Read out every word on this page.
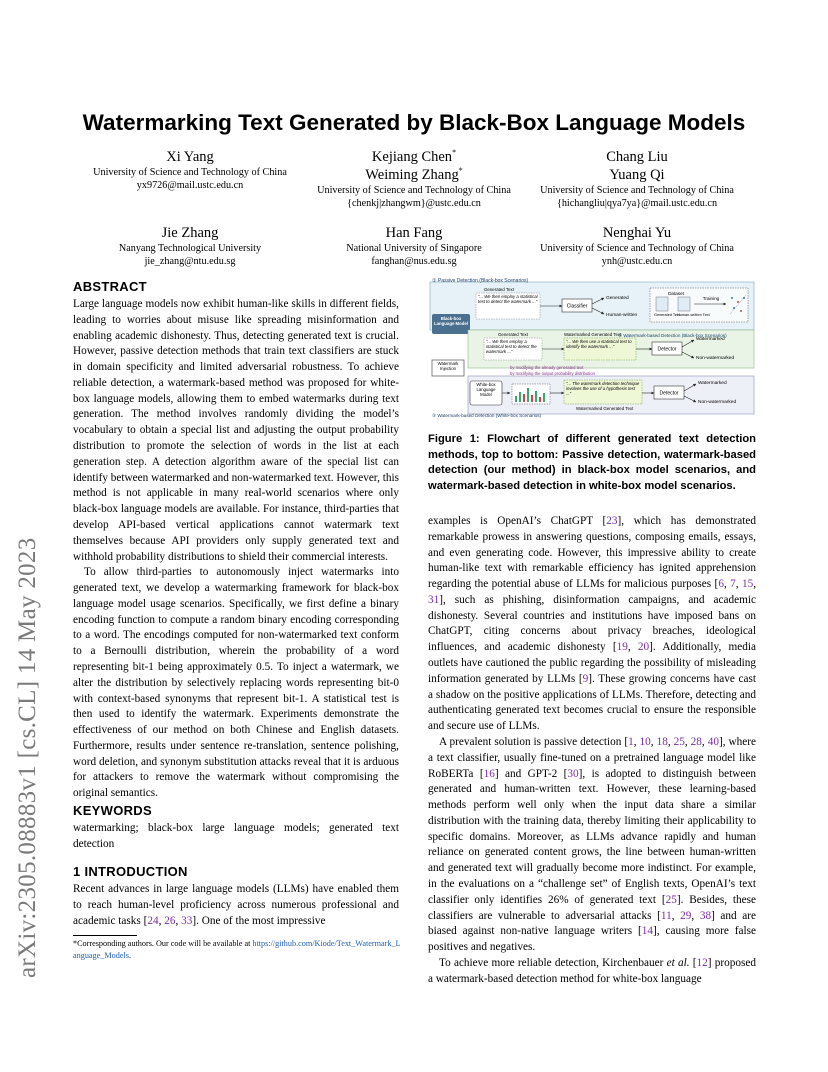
arXiv:2305.08883v1 [cs.CL] 14 May 2023
Watermarking Text Generated by Black-Box Language Models
Xi Yang
University of Science and Technology of China
yx9726@mail.ustc.edu.cn
Kejiang Chen*
Weiming Zhang*
University of Science and Technology of China
{chenkj|zhangwm}@ustc.edu.cn
Chang Liu
Yuang Qi
University of Science and Technology of China
{hichangliu|qya7ya}@mail.ustc.edu.cn
Jie Zhang
Nanyang Technological University
jie_zhang@ntu.edu.sg
Han Fang
National University of Singapore
fanghan@nus.edu.sg
Nenghai Yu
University of Science and Technology of China
ynh@ustc.edu.cn
ABSTRACT

Large language models now exhibit human-like skills in different fields, leading to worries about misuse like spreading misinformation and enabling academic dishonesty. Thus, detecting generated text is crucial. However, passive detection methods that train text classifiers are stuck in domain specificity and limited adversarial robustness. To achieve reliable detection, a watermark-based method was proposed for white-box language models, allowing them to embed watermarks during text generation. The method involves randomly dividing the model’s vocabulary to obtain a special list and adjusting the output probability distribution to promote the selection of words in the list at each generation step. A detection algorithm aware of the special list can identify between watermarked and non-watermarked text. However, this method is not applicable in many real-world scenarios where only black-box language models are available. For instance, third-parties that develop API-based vertical applications cannot watermark text themselves because API providers only supply generated text and withhold probability distributions to shield their commercial interests.

To allow third-parties to autonomously inject watermarks into generated text, we develop a watermarking framework for black-box language model usage scenarios. Specifically, we first define a binary encoding function to compute a random binary encoding corresponding to a word. The encodings computed for non-watermarked text conform to a Bernoulli distribution, wherein the probability of a word representing bit-1 being approximately 0.5. To inject a watermark, we alter the distribution by selectively replacing words representing bit-0 with context-based synonyms that represent bit-1. A statistical test is then used to identify the watermark. Experiments demonstrate the effectiveness of our method on both Chinese and English datasets. Furthermore, results under sentence re-translation, sentence polishing, word deletion, and synonym substitution attacks reveal that it is arduous for attackers to remove the watermark without compromising the original semantics.

KEYWORDS
watermarking; black-box large language models; generated text detection
1 INTRODUCTION
Recent advances in large language models (LLMs) have enabled them to reach human-level proficiency across numerous professional and academic tasks [24, 26, 33]. One of the most impressive
*Corresponding authors. Our code will be available at https://github.com/Kiode/Text_Watermark_Language_Models.
① Passive Detection (Black-box Scenarios)
Generated Text
“... We then employ a statistical test to detect the watermark ...”
Classifier
Generated
Human-written
Dataset
Training
Generated Text
Human-written Text
Black-box Language Model
Generated Text
“... We then employ a statistical test to detect the watermark ...”
Watermarked Generated Text
“... We then use a statistical test to identify the watermark ...”	Detector
Watermarked
Non-watermarked
② Watermark-based Detection (Black-box Scenarios)
Watermark Injection	by modifying the already generated text
by modifying the output probability distribution
White-box Language Model
“... The watermark detection technique involves the use of a hypothesis test ...”
Watermarked Generated Text
Detector
Watermarked
Non-watermarked
③ Watermark-based Detection (White-box Scenarios)
Figure 1: Flowchart of different generated text detection methods, top to bottom: Passive detection, watermark-based detection (our method) in black-box model scenarios, and watermark-based detection in white-box model scenarios.

examples is OpenAI’s ChatGPT [23], which has demonstrated remarkable prowess in answering questions, composing emails, essays, and even generating code. However, this impressive ability to create human-like text with remarkable efficiency has ignited apprehension regarding the potential abuse of LLMs for malicious purposes [6, 7, 15, 31], such as phishing, disinformation campaigns, and academic dishonesty. Several countries and institutions have imposed bans on ChatGPT, citing concerns about privacy breaches, ideological influences, and academic dishonesty [19, 20]. Additionally, media outlets have cautioned the public regarding the possibility of misleading information generated by LLMs [9]. These growing concerns have cast a shadow on the positive applications of LLMs. Therefore, detecting and authenticating generated text becomes crucial to ensure the responsible and secure use of LLMs.

A prevalent solution is passive detection [1, 10, 18, 25, 28, 40], where a text classifier, usually fine-tuned on a pretrained language model like RoBERTa [16] and GPT-2 [30], is adopted to distinguish between generated and human-written text. However, these learning-based methods perform well only when the input data share a similar distribution with the training data, thereby limiting their applicability to specific domains. Moreover, as LLMs advance rapidly and human reliance on generated content grows, the line between human-written and generated text will gradually become more indistinct. For example, in the evaluations on a “challenge set” of English texts, OpenAI’s text classifier only identifies 26% of generated text [25]. Besides, these classifiers are vulnerable to adversarial attacks [11, 29, 38] and are biased against non-native language writers [14], causing more false positives and negatives.

To achieve more reliable detection, Kirchenbauer et al. [12] proposed a watermark-based detection method for white-box language
